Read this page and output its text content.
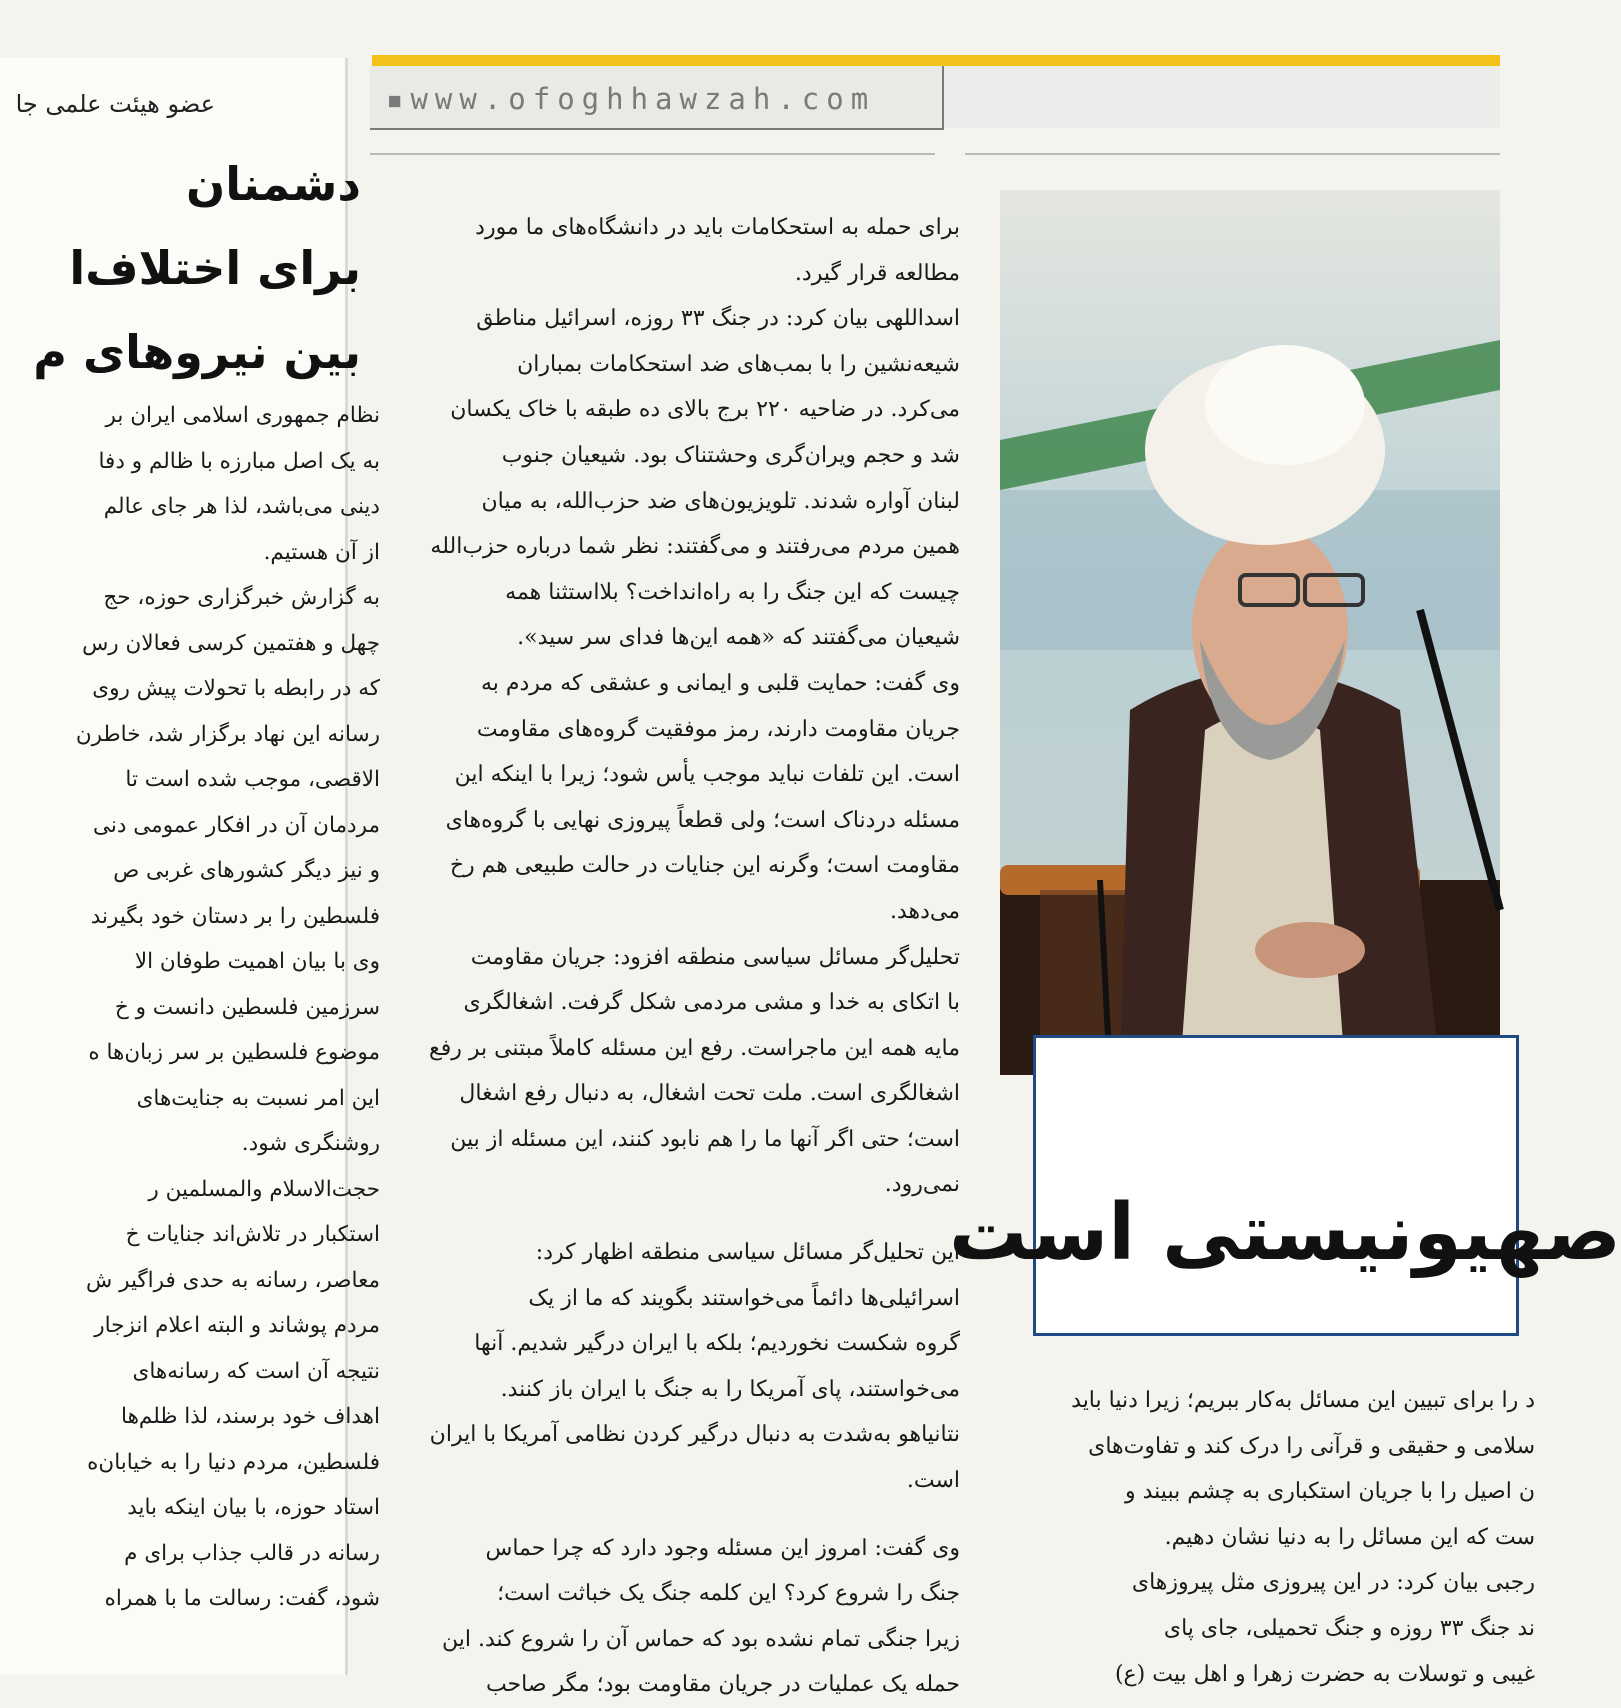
عضو هیئت علمی جا
دشمنان
برای اختلاف‌ا
بین نیروهای م
نظام جمهوری اسلامی ایران بر
به یک اصل مبارزه با ظالم و دفا
دینی می‌باشد، لذا هر جای عالم
از آن هستیم.
به گزارش خبرگزاری حوزه، حج
چهل و هفتمین کرسی فعالان رس
که در رابطه با تحولات پیش روی
رسانه این نهاد برگزار شد، خاطرن
الاقصی، موجب شده است تا
مردمان آن در افکار عمومی دنی
و نیز دیگر کشورهای غربی ص
فلسطین را بر دستان خود بگیرند
وی با بیان اهمیت طوفان الا
سرزمین فلسطین دانست و خ
موضوع فلسطین بر سر زبان‌ها ه
این امر نسبت به جنایت‌های
روشنگری شود.
حجت‌الاسلام والمسلمین ر
استکبار در تلاش‌اند جنایات خ
معاصر، رسانه به حدی فراگیر ش
مردم پوشاند و البته اعلام انزجار
نتیجه آن است که رسانه‌های
اهداف خود برسند، لذا ظلم‌ها
فلسطین، مردم دنیا را به خیابان‌ه
استاد حوزه، با بیان اینکه باید
رسانه در قالب جذاب برای م
شود، گفت: رسالت ما با همراه
▪www.ofoghhawzah.com
برای حمله به استحکامات باید در دانشگاه‌های ما مورد
مطالعه قرار گیرد.
اسداللهی بیان کرد: در جنگ ۳۳ روزه، اسرائیل مناطق
شیعه‌نشین را با بمب‌های ضد استحکامات بمباران
می‌کرد. در ضاحیه ۲۲۰ برج بالای ده طبقه با خاک یکسان
شد و حجم ویران‌گری وحشتناک بود. شیعیان جنوب
لبنان آواره شدند. تلویزیون‌های ضد حزب‌الله، به میان
همین مردم می‌رفتند و می‌گفتند: نظر شما درباره حزب‌الله
چیست که این جنگ را به راه‌انداخت؟ بلااستثنا همه
شیعیان می‌گفتند که «همه این‌ها فدای سر سید».
وی گفت: حمایت قلبی و ایمانی و عشقی که مردم به
جریان مقاومت دارند، رمز موفقیت گروه‌های مقاومت
است. این تلفات نباید موجب یأس شود؛ زیرا با اینکه این
مسئله دردناک است؛ ولی قطعاً پیروزی نهایی با گروه‌های
مقاومت است؛ وگرنه این جنایات در حالت طبیعی هم رخ
می‌دهد.
تحلیل‌گر مسائل سیاسی منطقه افزود: جریان مقاومت
با اتکای به خدا و مشی مردمی شکل گرفت. اشغالگری
مایه همه این ماجراست. رفع این مسئله کاملاً مبتنی بر رفع
اشغالگری است. ملت تحت اشغال، به دنبال رفع اشغال
است؛ حتی اگر آنها ما را هم نابود کنند، این مسئله از بین
نمی‌رود.
این تحلیل‌گر مسائل سیاسی منطقه اظهار کرد:
اسرائیلی‌ها دائماً می‌خواستند بگویند که ما از یک
گروه شکست نخوردیم؛ بلکه با ایران درگیر شدیم. آنها
می‌خواستند، پای آمریکا را به جنگ با ایران باز کنند.
نتانیاهو به‌شدت به دنبال درگیر کردن نظامی آمریکا با ایران
است.
وی گفت: امروز این مسئله وجود دارد که چرا حماس
جنگ را شروع کرد؟ این کلمه جنگ یک خباثت است؛
زیرا جنگی تمام نشده بود که حماس آن را شروع کند. این
حمله یک عملیات در جریان مقاومت بود؛ مگر صاحب
صهیونیستی است
د را برای تبیین این مسائل به‌کار ببریم؛ زیرا دنیا باید
سلامی و حقیقی و قرآنی را درک کند و تفاوت‌های
ن اصیل را با جریان استکباری به چشم ببیند و
ست که این مسائل را به دنیا نشان دهیم.
رجبی بیان کرد: در این پیروزی مثل پیروزهای
ند جنگ ۳۳ روزه و جنگ تحمیلی، جای پای
غیبی و توسلات به حضرت زهرا و اهل بیت (ع)
